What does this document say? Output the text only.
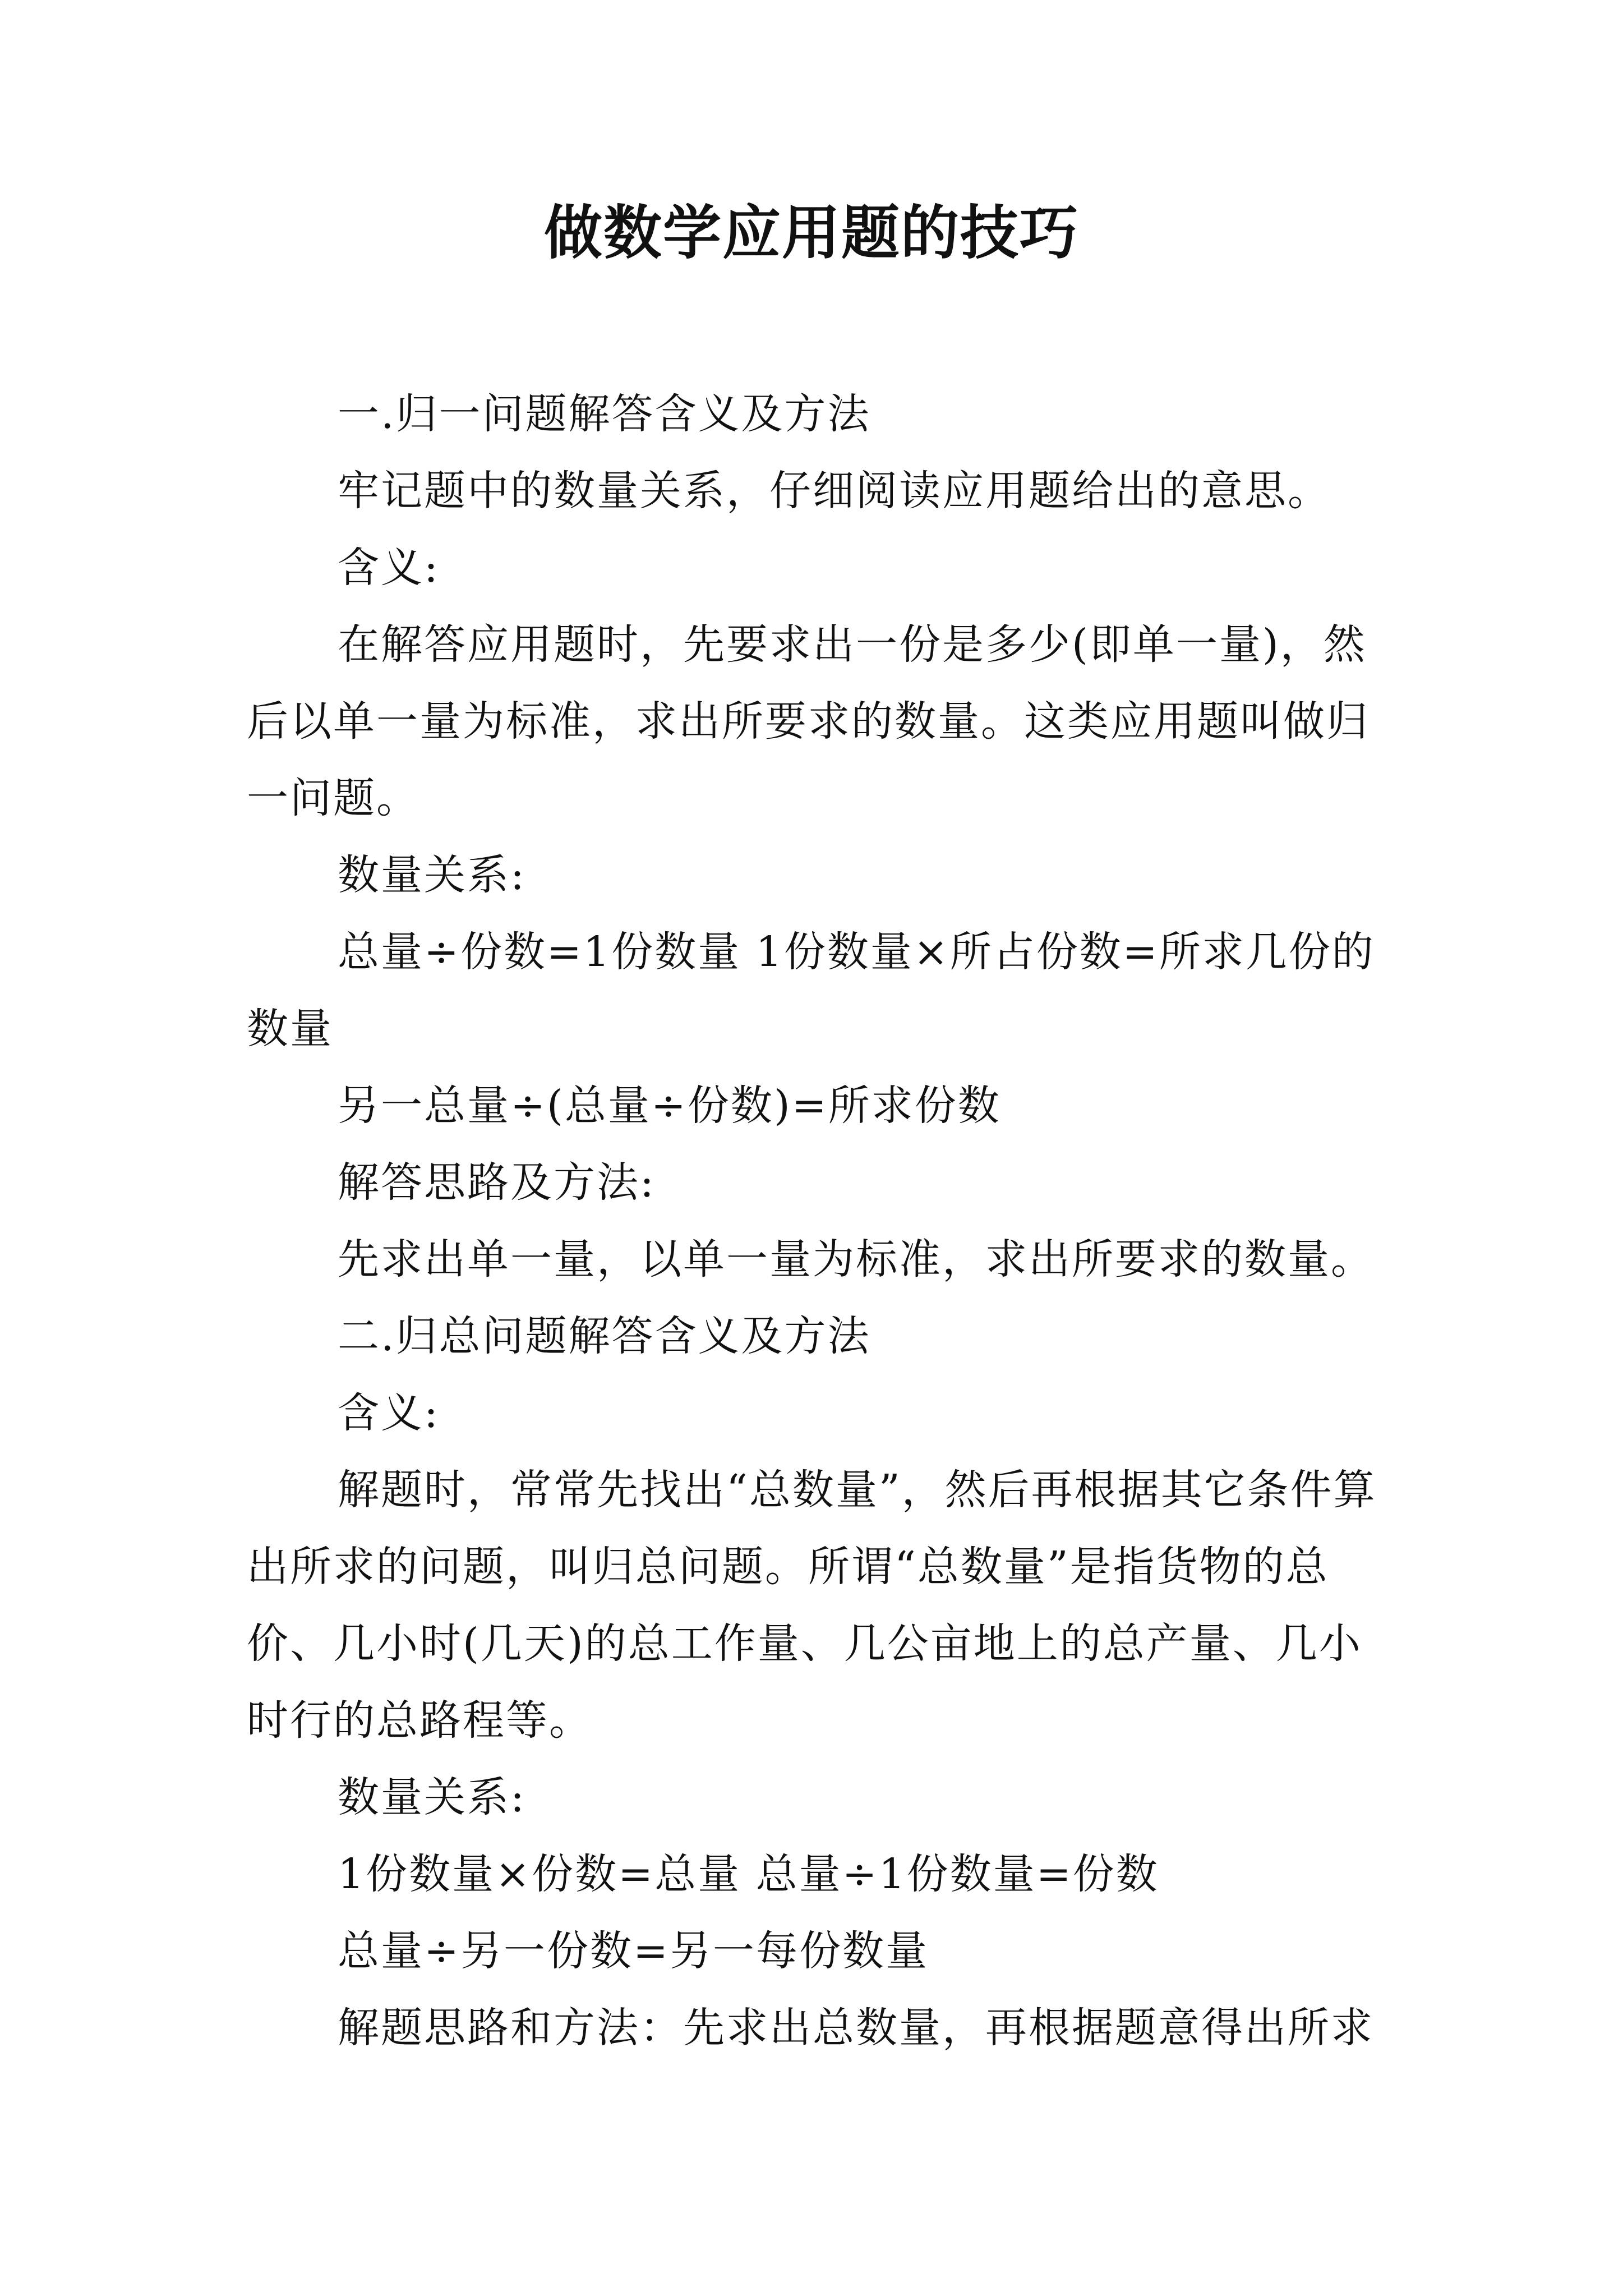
做数学应用题的技巧

一.归一问题解答含义及方法

牢记题中的数量关系，仔细阅读应用题给出的意思。

含义:

在解答应用题时，先要求出一份是多少(即单一量)，然后以单一量为标准，求出所要求的数量。这类应用题叫做归一问题。

数量关系:

总量÷份数=1份数量 1份数量×所占份数=所求几份的数量

另一总量÷(总量÷份数)=所求份数

解答思路及方法:

先求出单一量，以单一量为标准，求出所要求的数量。

二.归总问题解答含义及方法

含义:

解题时，常常先找出“总数量”，然后再根据其它条件算出所求的问题，叫归总问题。所谓“总数量”是指货物的总价、几小时(几天)的总工作量、几公亩地上的总产量、几小时行的总路程等。

数量关系:

1份数量×份数=总量 总量÷1份数量=份数

总量÷另一份数=另一每份数量

解题思路和方法：先求出总数量，再根据题意得出所求
